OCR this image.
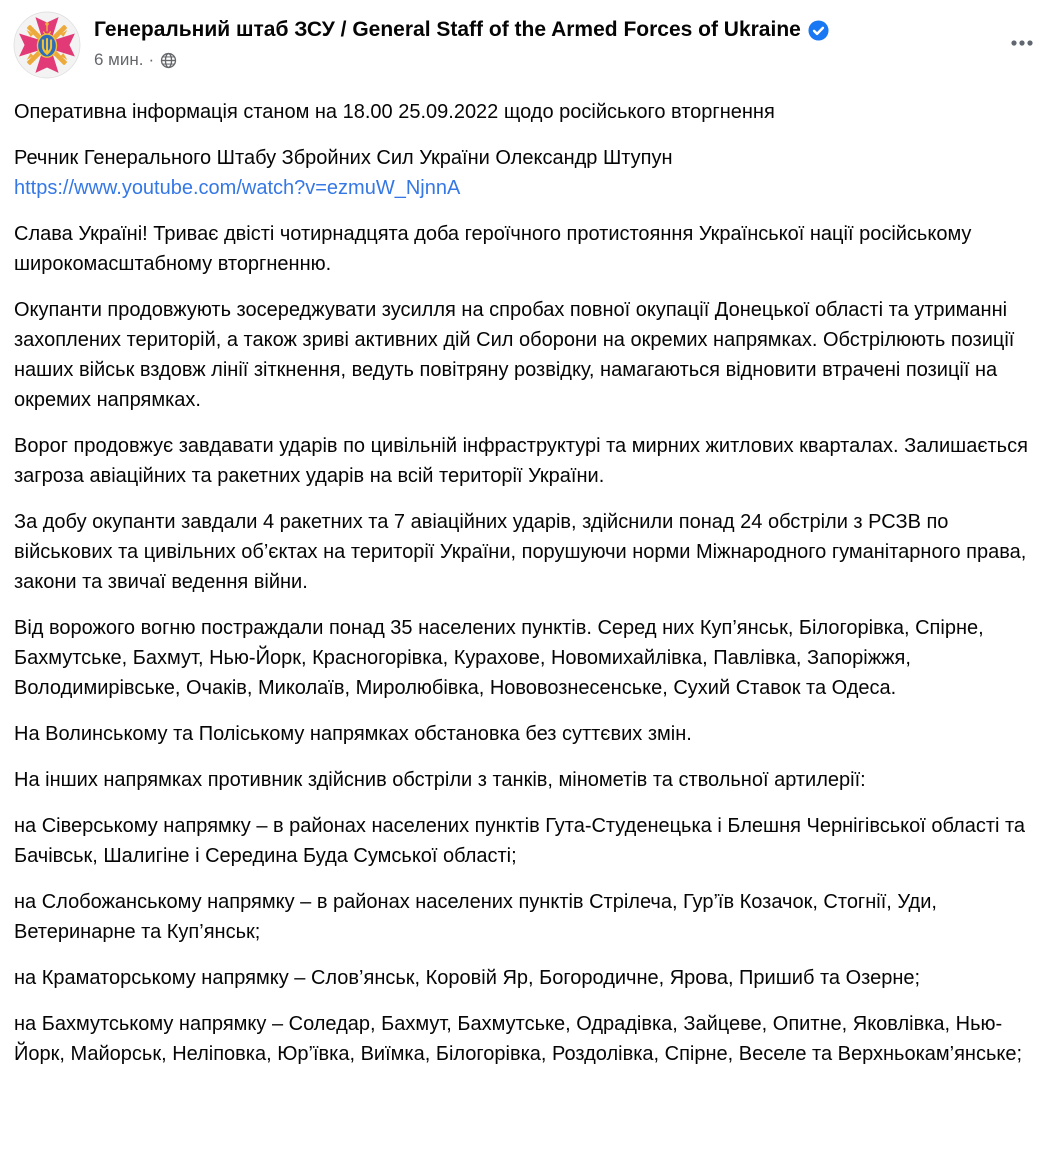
Генеральний штаб ЗСУ / General Staff of the Armed Forces of Ukraine
6 мин. ·

Оперативна інформація станом на 18.00 25.09.2022 щодо російського вторгнення

Речник Генерального Штабу Збройних Сил України Олександр Штупун

https://www.youtube.com/watch?v=ezmuW_NjnnA

Слава Україні! Триває двісті чотирнадцята доба героїчного протистояння Української нації російському широкомасштабному вторгненню.

Окупанти продовжують зосереджувати зусилля на спробах повної окупації Донецької області та утриманні захоплених територій, а також зриві активних дій Сил оборони на окремих напрямках. Обстрілюють позиції наших військ вздовж лінії зіткнення, ведуть повітряну розвідку, намагаються відновити втрачені позиції на окремих напрямках.

Ворог продовжує завдавати ударів по цивільній інфраструктурі та мирних житлових кварталах. Залишається загроза авіаційних та ракетних ударів на всій території України.

За добу окупанти завдали 4 ракетних та 7 авіаційних ударів, здійснили понад 24 обстріли з РСЗВ по військових та цивільних об’єктах на території України, порушуючи норми Міжнародного гуманітарного права, закони та звичаї ведення війни.

Від ворожого вогню постраждали понад 35 населених пунктів. Серед них Куп’янськ, Білогорівка, Спірне, Бахмутське, Бахмут, Нью-Йорк, Красногорівка, Курахове, Новомихайлівка, Павлівка, Запоріжжя, Володимирівське, Очаків, Миколаїв, Миролюбівка, Нововознесенське, Сухий Ставок та Одеса.

На Волинському та Поліському напрямках обстановка без суттєвих змін.

На інших напрямках противник здійснив обстріли з танків, мінометів та ствольної артилерії:

на Сіверському напрямку – в районах населених пунктів Гута-Студенецька і Блешня Чернігівської області та Бачівськ, Шалигіне і Середина Буда Сумської області;

на Слобожанському напрямку – в районах населених пунктів Стрілеча, Гур’їв Козачок, Стогнії, Уди, Ветеринарне та Куп’янськ;

на Краматорському напрямку – Слов’янськ, Коровій Яр, Богородичне, Ярова, Пришиб та Озерне;

на Бахмутському напрямку – Соледар, Бахмут, Бахмутське, Одрадівка, Зайцеве, Опитне, Яковлівка, Нью-Йорк, Майорськ, Неліповка, Юр’ївка, Виїмка, Білогорівка, Роздолівка, Спірне, Веселе та Верхньокам’янське;
